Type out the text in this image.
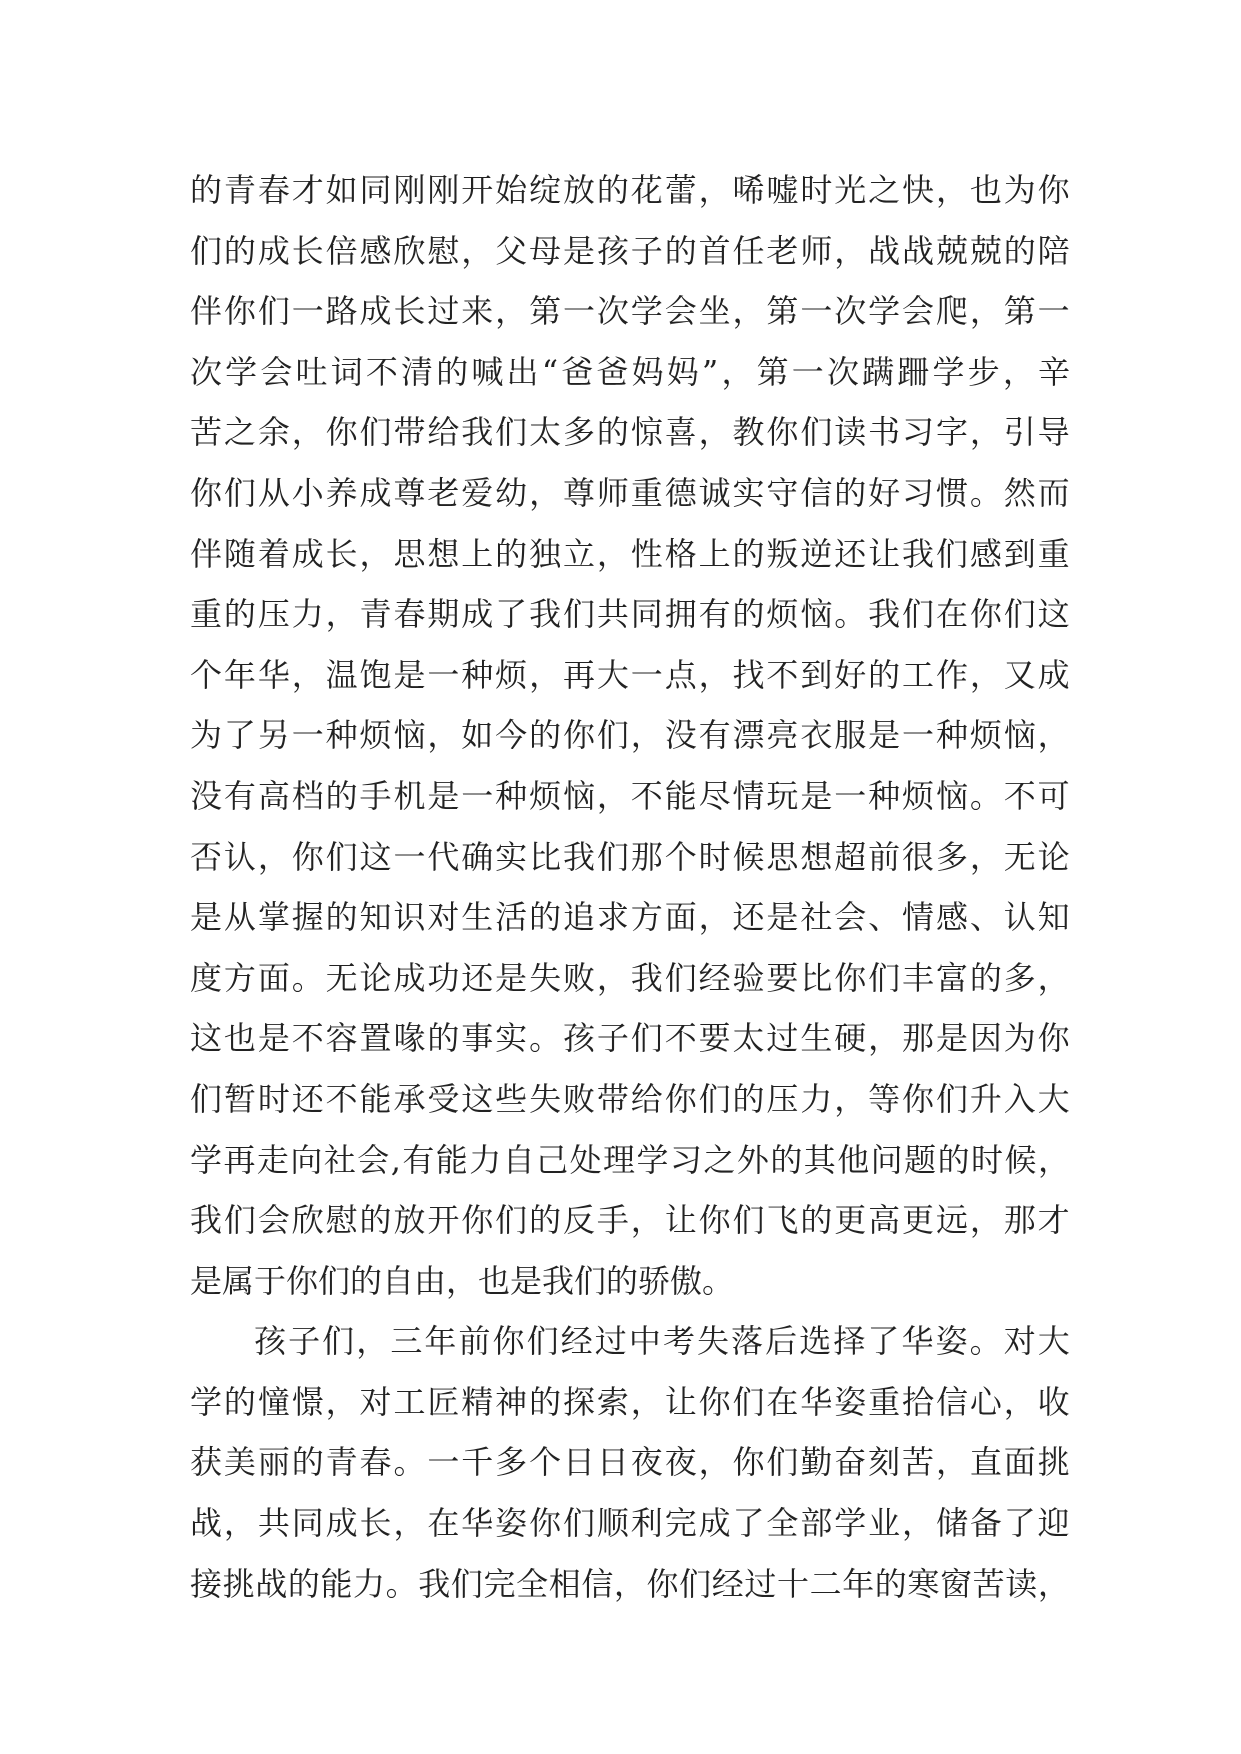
的 青 春 才 如 同 刚 刚 开 始 绽 放 的 花 蕾 ， 唏 嘘 时 光 之 快 ， 也 为 你
们 的 成 长 倍 感 欣 慰 ， 父 母 是 孩 子 的 首 任 老 师 ， 战 战 兢 兢 的 陪
伴 你 们 一 路 成 长 过 来 ， 第 一 次 学 会 坐 ， 第 一 次 学 会 爬 ， 第 一
次 学 会 吐 词 不 清 的 喊 出 “ 爸 爸 妈 妈 ” ， 第 一 次 蹒 跚 学 步 ， 辛
苦 之 余 ， 你 们 带 给 我 们 太 多 的 惊 喜 ， 教 你 们 读 书 习 字 ， 引 导
你 们 从 小 养 成 尊 老 爱 幼 ， 尊 师 重 德 诚 实 守 信 的 好 习 惯 。 然 而
伴 随 着 成 长 ， 思 想 上 的 独 立 ， 性 格 上 的 叛 逆 还 让 我 们 感 到 重
重 的 压 力 ， 青 春 期 成 了 我 们 共 同 拥 有 的 烦 恼 。 我 们 在 你 们 这
个 年 华 ， 温 饱 是 一 种 烦 ， 再 大 一 点 ， 找 不 到 好 的 工 作 ， 又 成
为 了 另 一 种 烦 恼 ， 如 今 的 你 们 ， 没 有 漂 亮 衣 服 是 一 种 烦 恼 ，
没 有 高 档 的 手 机 是 一 种 烦 恼 ， 不 能 尽 情 玩 是 一 种 烦 恼 。 不 可
否 认 ， 你 们 这 一 代 确 实 比 我 们 那 个 时 候 思 想 超 前 很 多 ， 无 论
是 从 掌 握 的 知 识 对 生 活 的 追 求 方 面 ， 还 是 社 会 、 情 感 、 认 知
度 方 面 。 无 论 成 功 还 是 失 败 ， 我 们 经 验 要 比 你 们 丰 富 的 多 ，
这 也 是 不 容 置 喙 的 事 实 。 孩 子 们 不 要 太 过 生 硬 ， 那 是 因 为 你
们 暂 时 还 不 能 承 受 这 些 失 败 带 给 你 们 的 压 力 ， 等 你 们 升 入 大
学 再 走 向 社 会 , 有 能 力 自 己 处 理 学 习 之 外 的 其 他 问 题 的 时 候 ，
我 们 会 欣 慰 的 放 开 你 们 的 反 手 ， 让 你 们 飞 的 更 高 更 远 ， 那 才
是属于你们的自由，也是我们的骄傲。
孩 子 们 ， 三 年 前 你 们 经 过 中 考 失 落 后 选 择 了 华 姿 。 对 大
学 的 憧 憬 ， 对 工 匠 精 神 的 探 索 ， 让 你 们 在 华 姿 重 拾 信 心 ， 收
获 美 丽 的 青 春 。 一 千 多 个 日 日 夜 夜 ， 你 们 勤 奋 刻 苦 ， 直 面 挑
战 ， 共 同 成 长 ， 在 华 姿 你 们 顺 利 完 成 了 全 部 学 业 ， 储 备 了 迎
接 挑 战 的 能 力 。 我 们 完 全 相 信 ， 你 们 经 过 十 二 年 的 寒 窗 苦 读 ，
